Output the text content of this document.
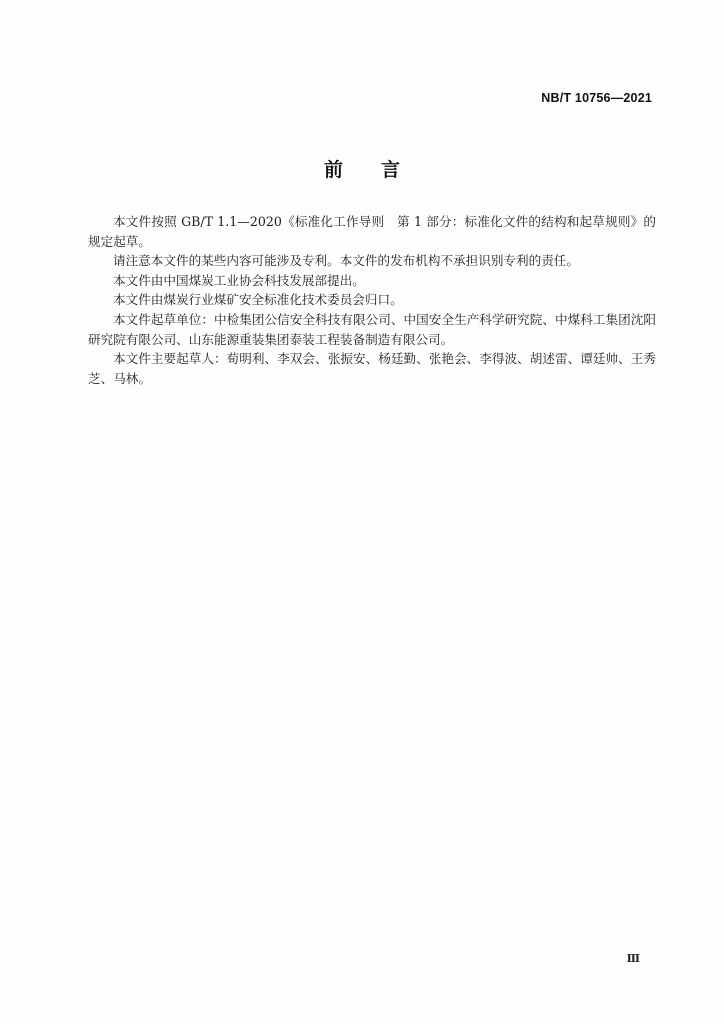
NB/T 10756—2021
前言

本文件按照 GB/T 1.1—2020《标准化工作导则　第 1 部分：标准化文件的结构和起草规则》的规定起草。

请注意本文件的某些内容可能涉及专利。本文件的发布机构不承担识别专利的责任。

本文件由中国煤炭工业协会科技发展部提出。

本文件由煤炭行业煤矿安全标准化技术委员会归口。

本文件起草单位：中检集团公信安全科技有限公司、中国安全生产科学研究院、中煤科工集团沈阳研究院有限公司、山东能源重装集团泰装工程装备制造有限公司。

本文件主要起草人：荀明利、李双会、张振安、杨廷勤、张艳会、李得波、胡述雷、谭廷帅、王秀芝、马林。

Ⅲ
